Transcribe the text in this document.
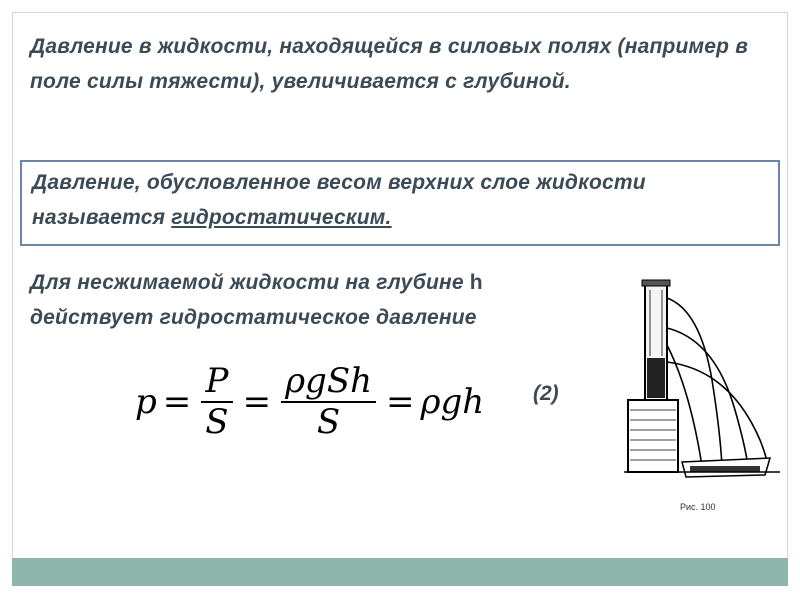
Давление в жидкости, находящейся в силовых полях (например в поле силы тяжести), увеличивается с глубиной.
Давление, обусловленное весом верхних слое жидкости называется гидростатическим.
Для несжимаемой жидкости на глубине h
действует гидростатическое давление
$p = \frac{P}{S} = \frac{\text{ρgSh}}{S} = \rho gh$ (2)
Рис. 100
